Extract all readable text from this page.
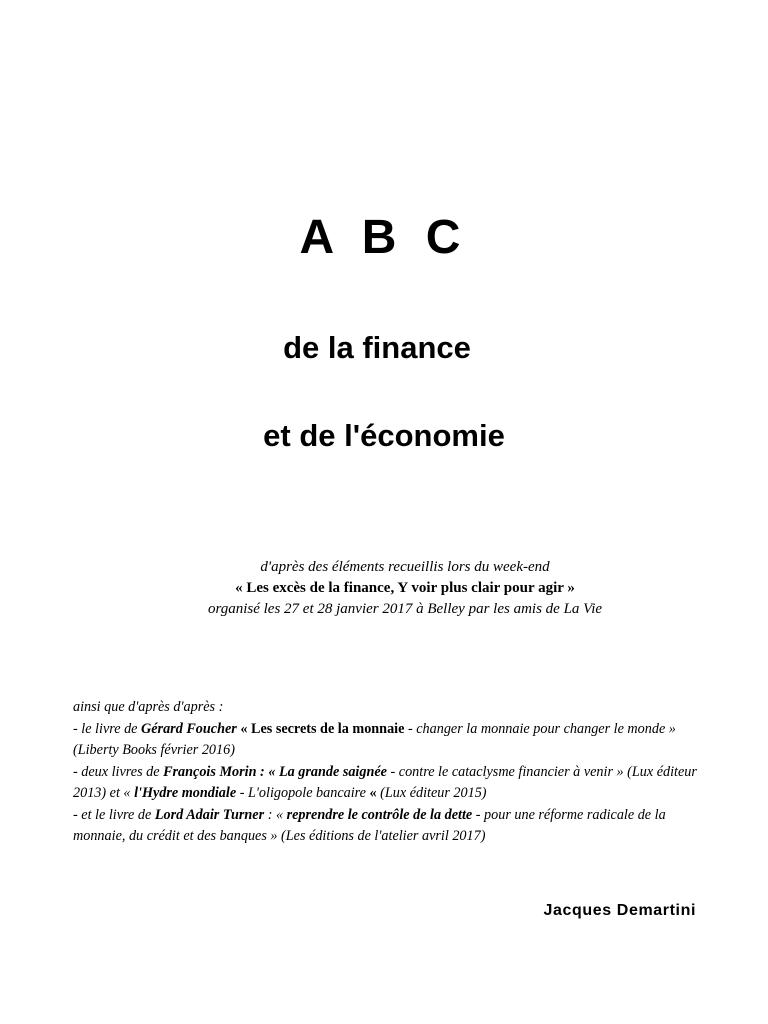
A B C
de la finance
et de l'économie
d'après des éléments recueillis lors du week-end
« Les excès de la finance, Y voir plus clair pour agir »
organisé les 27 et 28 janvier 2017 à Belley par les amis de La Vie

ainsi que d'après d'après :

- le livre de Gérard Foucher « Les secrets de la monnaie - changer la monnaie pour changer le monde » (Liberty Books février 2016)

- deux livres de François Morin : « La grande saignée - contre le cataclysme financier à venir » (Lux éditeur 2013) et « l'Hydre mondiale - L'oligopole bancaire « (Lux éditeur 2015)

- et le livre de Lord Adair Turner : « reprendre le contrôle de la dette - pour une réforme radicale de la monnaie, du crédit et des banques » (Les éditions de l'atelier avril 2017)

Jacques Demartini
